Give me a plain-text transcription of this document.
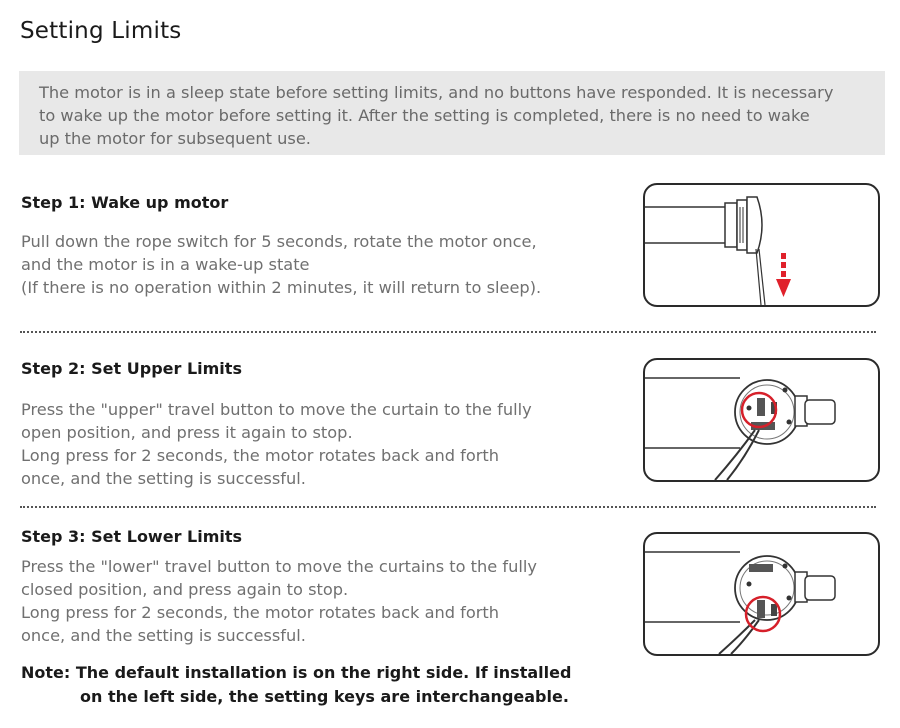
Setting Limits
The motor is in a sleep state before setting limits, and no buttons have responded. It is necessary
to wake up the motor before setting it. After the setting is completed, there is no need to wake
up the motor for subsequent use.
Step 1: Wake up motor
Pull down the rope switch for 5 seconds, rotate the motor once,
and the motor is in a wake-up state
(If there is no operation within 2 minutes, it will return to sleep).
Step 2: Set Upper Limits
Press the "upper" travel button to move the curtain to the fully
open position, and press it again to stop.
Long press for 2 seconds, the motor rotates back and forth
once, and the setting is successful.
Step 3: Set Lower Limits
Press the "lower" travel button to move the curtains to the fully
closed position, and press again to stop.
Long press for 2 seconds, the motor rotates back and forth
once, and the setting is successful.
Note: The default installation is on the right side. If installed
on the left side, the setting keys are interchangeable.
